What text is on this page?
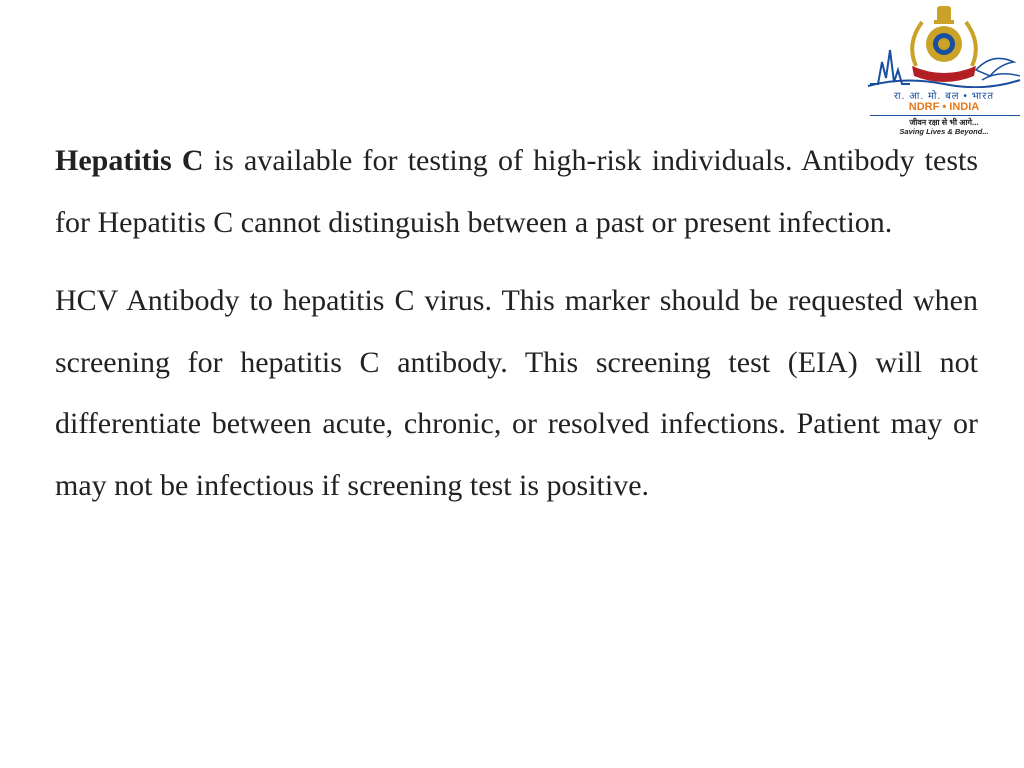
रा. आ. मो. बल • भारत
NDRF • INDIA
जीवन रक्षा से भी आगे...
Saving Lives & Beyond...

Hepatitis C is available for testing of high-risk individuals. Antibody tests for Hepatitis C cannot distinguish between a past or present infection.

HCV Antibody to hepatitis C virus. This marker should be requested when screening for hepatitis C antibody. This screening test (EIA) will not differentiate between acute, chronic, or resolved infections. Patient may or may not be infectious if screening test is positive.
